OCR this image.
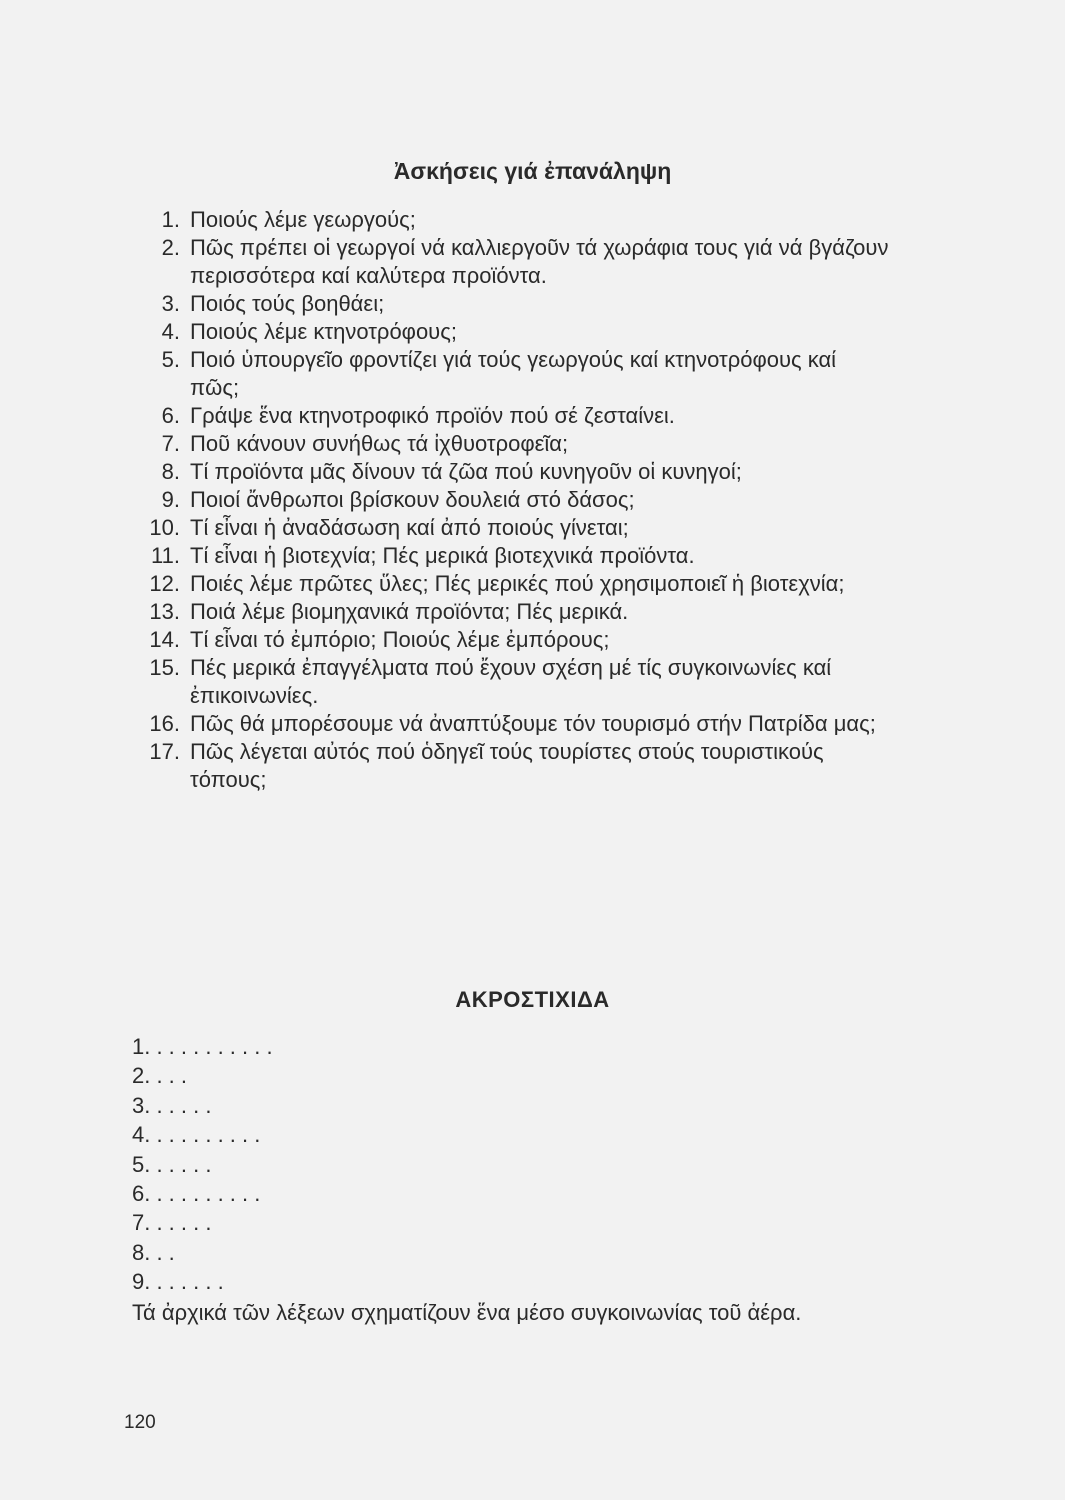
Ἀσκήσεις γιά ἐπανάληψη
1. Ποιούς λέμε γεωργούς;
2. Πῶς πρέπει οἱ γεωργοί νά καλλιεργοῦν τά χωράφια τους γιά νά βγάζουν περισσότερα καί καλύτερα προϊόντα.
3. Ποιός τούς βοηθάει;
4. Ποιούς λέμε κτηνοτρόφους;
5. Ποιό ὑπουργεῖο φροντίζει γιά τούς γεωργούς καί κτηνοτρόφους καί πῶς;
6. Γράψε ἕνα κτηνοτροφικό προϊόν πού σέ ζεσταίνει.
7. Ποῦ κάνουν συνήθως τά ἰχθυοτροφεῖα;
8. Τί προϊόντα μᾶς δίνουν τά ζῶα πού κυνηγοῦν οἱ κυνηγοί;
9. Ποιοί ἄνθρωποι βρίσκουν δουλειά στό δάσος;
10. Τί εἶναι ἡ ἀναδάσωση καί ἀπό ποιούς γίνεται;
11. Τί εἶναι ἡ βιοτεχνία; Πές μερικά βιοτεχνικά προϊόντα.
12. Ποιές λέμε πρῶτες ὕλες; Πές μερικές πού χρησιμοποιεῖ ἡ βιοτεχνία;
13. Ποιά λέμε βιομηχανικά προϊόντα; Πές μερικά.
14. Τί εἶναι τό ἐμπόριο; Ποιούς λέμε ἐμπόρους;
15. Πές μερικά ἐπαγγέλματα πού ἔχουν σχέση μέ τίς συγκοινωνίες καί ἐπικοινωνίες.
16. Πῶς θά μπορέσουμε νά ἀναπτύξουμε τόν τουρισμό στήν Πατρίδα μας;
17. Πῶς λέγεται αὐτός πού ὁδηγεῖ τούς τουρίστες στούς τουριστικούς τόπους;
ΑΚΡΟΣΤΙΧΙΔΑ
1. . . . . . . . . . .
2. . . .
3. . . . . .
4. . . . . . . . . .
5. . . . . .
6. . . . . . . . . .
7. . . . . .
8. . .
9. . . . . . .
Τά ἀρχικά τῶν λέξεων σχηματίζουν ἕνα μέσο συγκοινωνίας τοῦ ἀέρα.
120
